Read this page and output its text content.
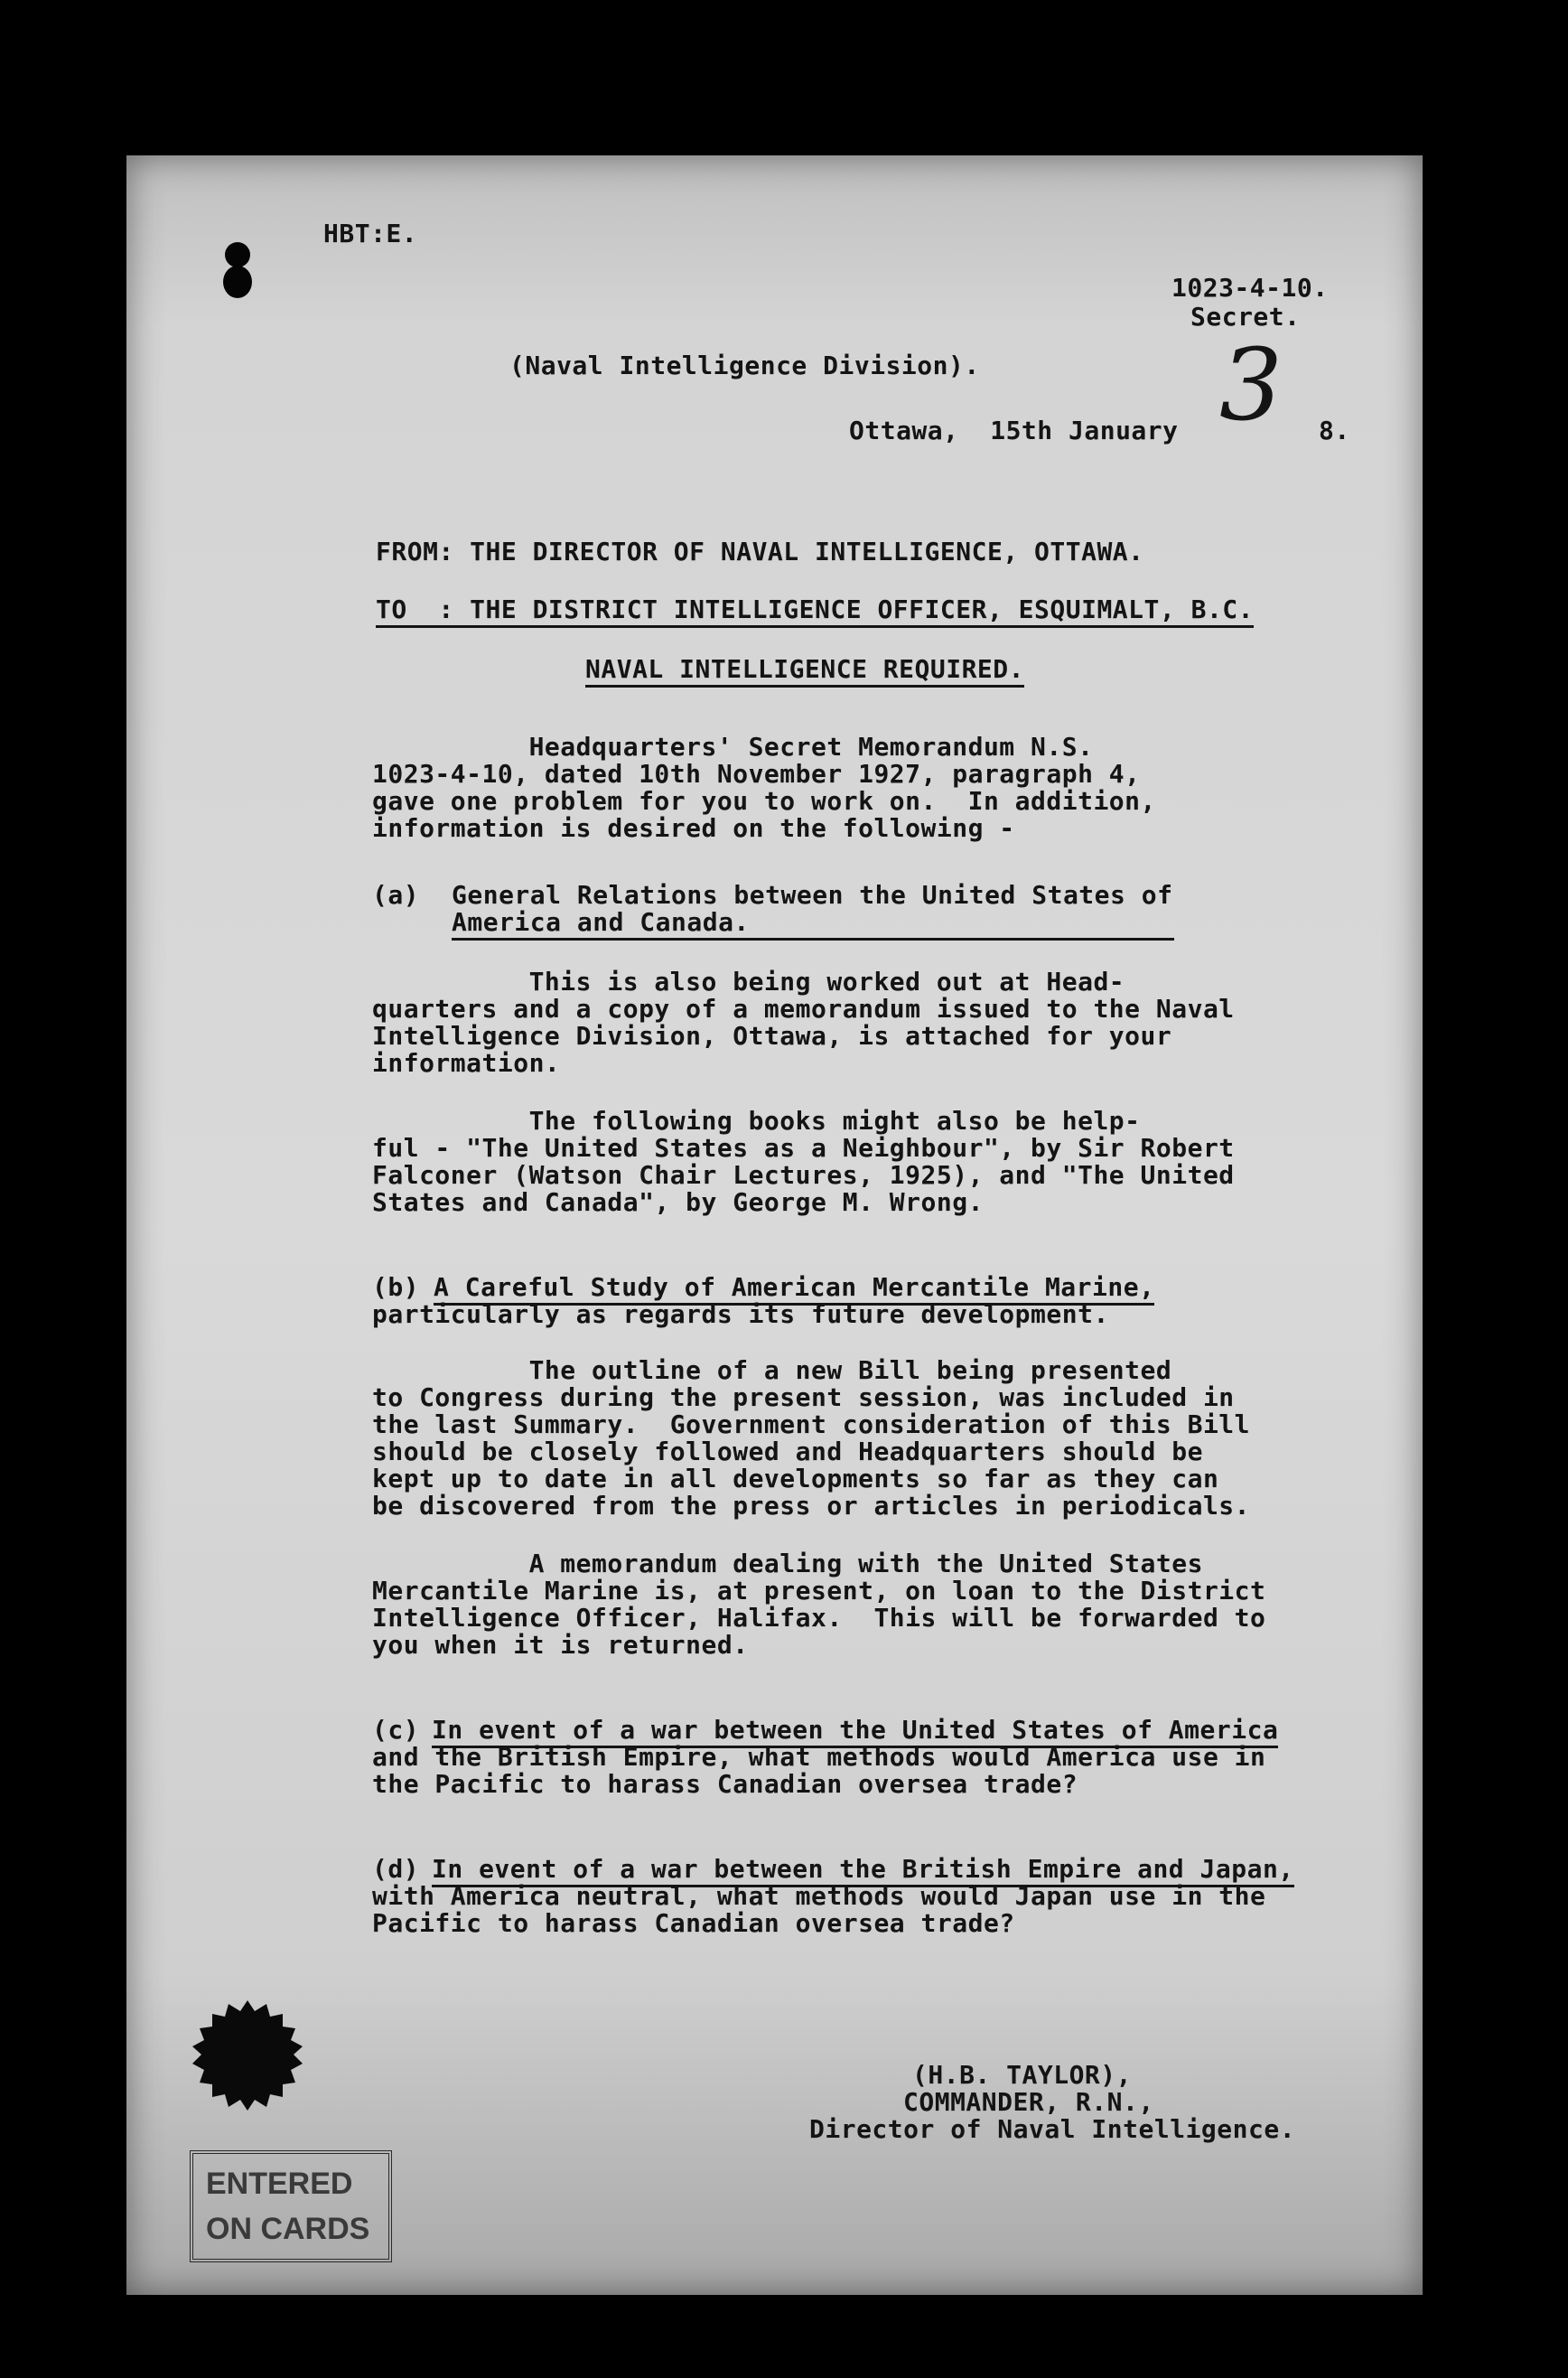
HBT:E.
1023-4-10.
Secret.
(Naval Intelligence Division).
Ottawa,  15th January 3 8.
FROM: THE DIRECTOR OF NAVAL INTELLIGENCE, OTTAWA.
TO  : THE DISTRICT INTELLIGENCE OFFICER, ESQUIMALT, B.C.
NAVAL INTELLIGENCE REQUIRED.
Headquarters' Secret Memorandum N.S.
1023-4-10, dated 10th November 1927, paragraph 4,
gave one problem for you to work on.  In addition,
information is desired on the following -
(a) General Relations between the United States of
America and Canada.
This is also being worked out at Head-
quarters and a copy of a memorandum issued to the Naval
Intelligence Division, Ottawa, is attached for your
information.
The following books might also be help-
ful - "The United States as a Neighbour", by Sir Robert
Falconer (Watson Chair Lectures, 1925), and "The United
States and Canada", by George M. Wrong.
(b) A Careful Study of American Mercantile Marine,
particularly as regards its future development.
The outline of a new Bill being presented
to Congress during the present session, was included in
the last Summary.  Government consideration of this Bill
should be closely followed and Headquarters should be
kept up to date in all developments so far as they can
be discovered from the press or articles in periodicals.
A memorandum dealing with the United States
Mercantile Marine is, at present, on loan to the District
Intelligence Officer, Halifax.  This will be forwarded to
you when it is returned.
(c) In event of a war between the United States of America
and the British Empire, what methods would America use in
the Pacific to harass Canadian oversea trade?
(d) In event of a war between the British Empire and Japan,
with America neutral, what methods would Japan use in the
Pacific to harass Canadian oversea trade?
(H.B. TAYLOR),
COMMANDER, R.N.,
Director of Naval Intelligence.
ENTERED
ON CARDS
